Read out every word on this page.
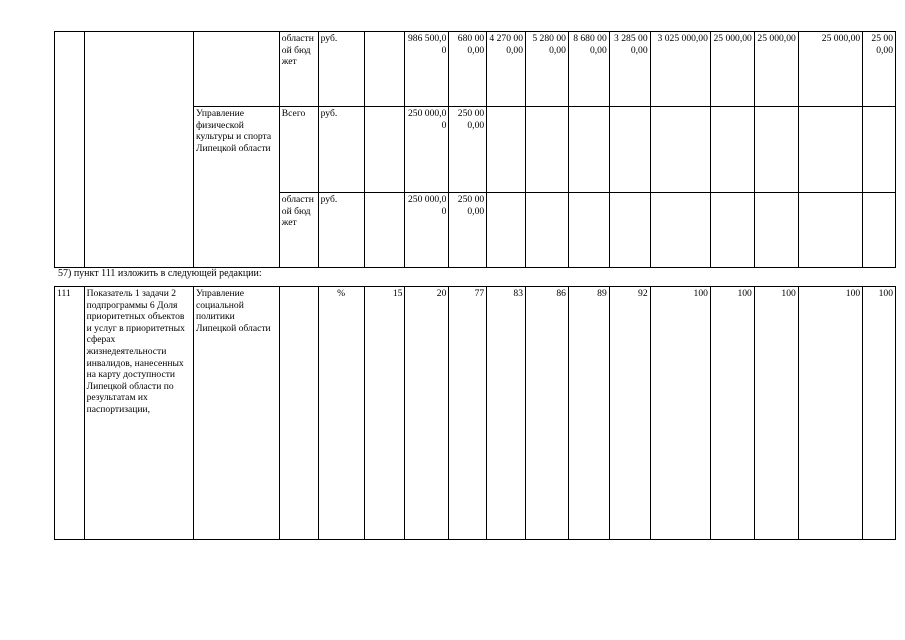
			областной бюджет	руб.		986 500,00	680 000,00	4 270 000,00	5 280 000,00	8 680 000,00	3 285 000,00	3 025 000,00	25 000,00	25 000,00	25 000,00	25 000,00
		Управление физической культуры и спорта Липецкой области	Всего	руб.		250 000,00	250 000,00									
			областной бюджет	руб.		250 000,00	250 000,00									
57) пункт 111 изложить в следующей редакции:
111	Показатель 1 задачи 2 подпрограммы 6 Доля приоритетных объектов и услуг в приоритетных сферах жизнедеятельности инвалидов, нанесенных на карту доступности Липецкой области по результатам их паспортизации,	Управление социальной политики Липецкой области		%	15	20	77	83	86	89	92	100	100	100	100	100
